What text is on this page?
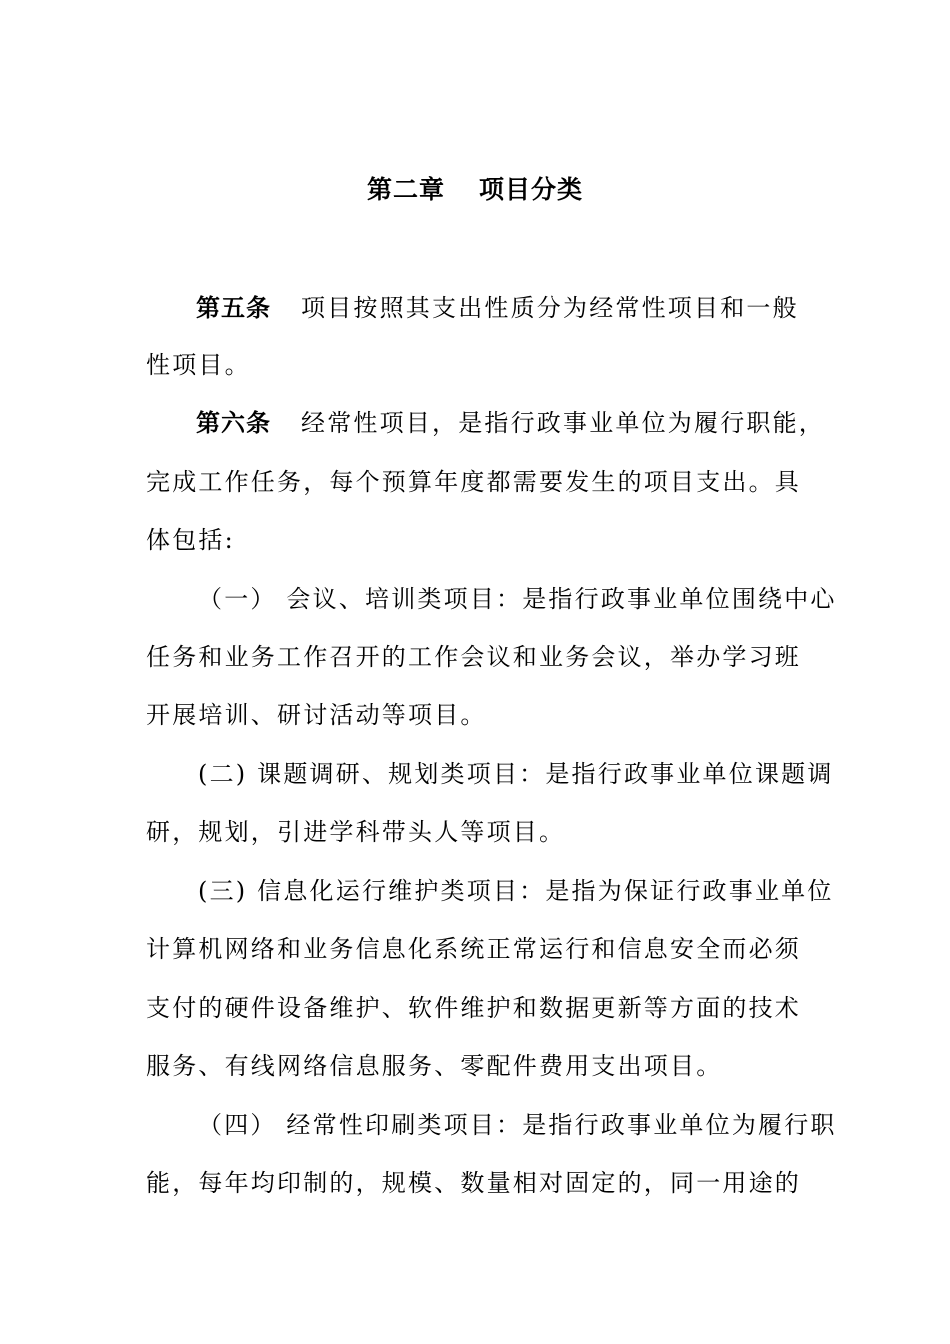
第二章 项目分类
第五条 项目按照其支出性质分为经常性项目和一般
性项目。
第六条 经常性项目，是指行政事业单位为履行职能，
完成工作任务，每个预算年度都需要发生的项目支出。具
体包括:
（一） 会议、培训类项目：是指行政事业单位围绕中心
任务和业务工作召开的工作会议和业务会议，举办学习班
开展培训、研讨活动等项目。
(二) 课题调研、规划类项目：是指行政事业单位课题调
研，规划，引进学科带头人等项目。
(三) 信息化运行维护类项目：是指为保证行政事业单位
计算机网络和业务信息化系统正常运行和信息安全而必须
支付的硬件设备维护、软件维护和数据更新等方面的技术
服务、有线网络信息服务、零配件费用支出项目。
（四） 经常性印刷类项目：是指行政事业单位为履行职
能，每年均印制的，规模、数量相对固定的，同一用途的
